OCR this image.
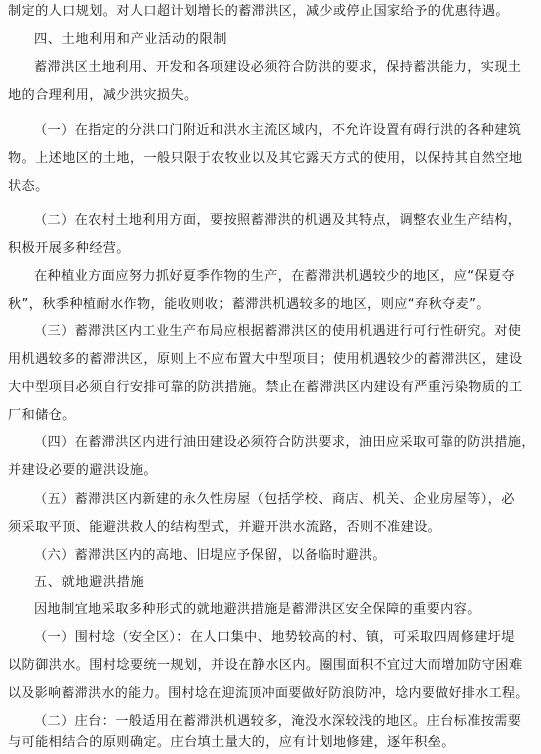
制定的人口规划。对人口超计划增长的蓄滞洪区，减少或停止国家给予的优惠待遇。
四、土地利用和产业活动的限制
蓄滞洪区土地利用、开发和各项建设必须符合防洪的要求，保持蓄洪能力，实现土
地的合理利用，减少洪灾损失。
（一）在指定的分洪口门附近和洪水主流区域内，不允许设置有碍行洪的各种建筑
物。上述地区的土地，一般只限于农牧业以及其它露天方式的使用，以保持其自然空地
状态。
（二）在农村土地利用方面，要按照蓄滞洪的机遇及其特点，调整农业生产结构，
积极开展多种经营。
在种植业方面应努力抓好夏季作物的生产，在蓄滞洪机遇较少的地区，应“保夏夺
秋”，秋季种植耐水作物，能收则收；蓄滞洪机遇较多的地区，则应“弃秋夺麦”。
（三）蓄滞洪区内工业生产布局应根据蓄滞洪区的使用机遇进行可行性研究。对使
用机遇较多的蓄滞洪区，原则上不应布置大中型项目；使用机遇较少的蓄滞洪区，建设
大中型项目必须自行安排可靠的防洪措施。禁止在蓄滞洪区内建设有严重污染物质的工
厂和储仓。
（四）在蓄滞洪区内进行油田建设必须符合防洪要求，油田应采取可靠的防洪措施，
并建设必要的避洪设施。
（五）蓄滞洪区内新建的永久性房屋（包括学校、商店、机关、企业房屋等），必
须采取平顶、能避洪救人的结构型式，并避开洪水流路，否则不准建设。
（六）蓄滞洪区内的高地、旧堤应予保留，以备临时避洪。
五、就地避洪措施
因地制宜地采取多种形式的就地避洪措施是蓄滞洪区安全保障的重要内容。
（一）围村埝（安全区）：在人口集中、地势较高的村、镇，可采取四周修建圩堤
以防御洪水。围村埝要统一规划，并设在静水区内。圈围面积不宜过大而增加防守困难
以及影响蓄滞洪水的能力。围村埝在迎流顶冲面要做好防浪防冲，埝内要做好排水工程。
（二）庄台：一般适用在蓄滞洪机遇较多，淹没水深较浅的地区。庄台标准按需要
与可能相结合的原则确定。庄台填土量大的，应有计划地修建，逐年积垒。
